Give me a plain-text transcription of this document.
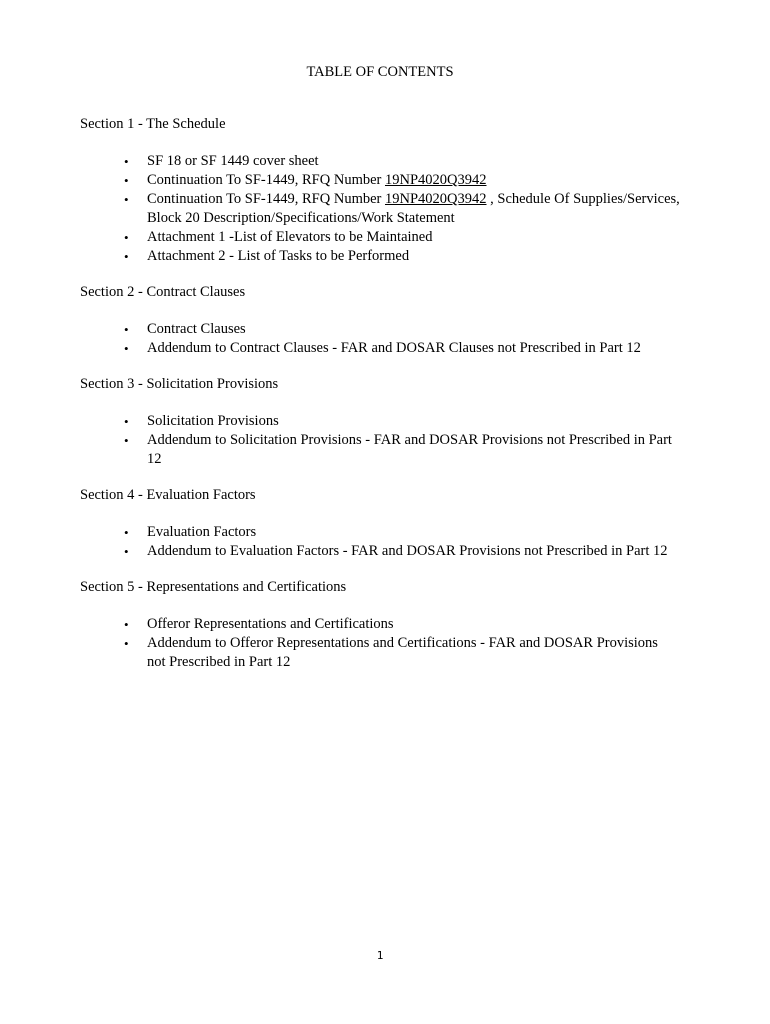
TABLE OF CONTENTS

Section 1 - The Schedule

• SF 18 or SF 1449 cover sheet
• Continuation To SF-1449, RFQ Number 19NP4020Q3942
• Continuation To SF-1449, RFQ Number 19NP4020Q3942 , Schedule Of Supplies/Services, Block 20 Description/Specifications/Work Statement
• Attachment 1 -List of Elevators to be Maintained
• Attachment 2 - List of Tasks to be Performed

Section 2 - Contract Clauses

• Contract Clauses
• Addendum to Contract Clauses - FAR and DOSAR Clauses not Prescribed in Part 12

Section 3 - Solicitation Provisions

• Solicitation Provisions
• Addendum to Solicitation Provisions - FAR and DOSAR Provisions not Prescribed in Part 12

Section 4 - Evaluation Factors

• Evaluation Factors
• Addendum to Evaluation Factors - FAR and DOSAR Provisions not Prescribed in Part 12

Section 5 - Representations and Certifications

• Offeror Representations and Certifications
• Addendum to Offeror Representations and Certifications - FAR and DOSAR Provisions not Prescribed in Part 12
1
